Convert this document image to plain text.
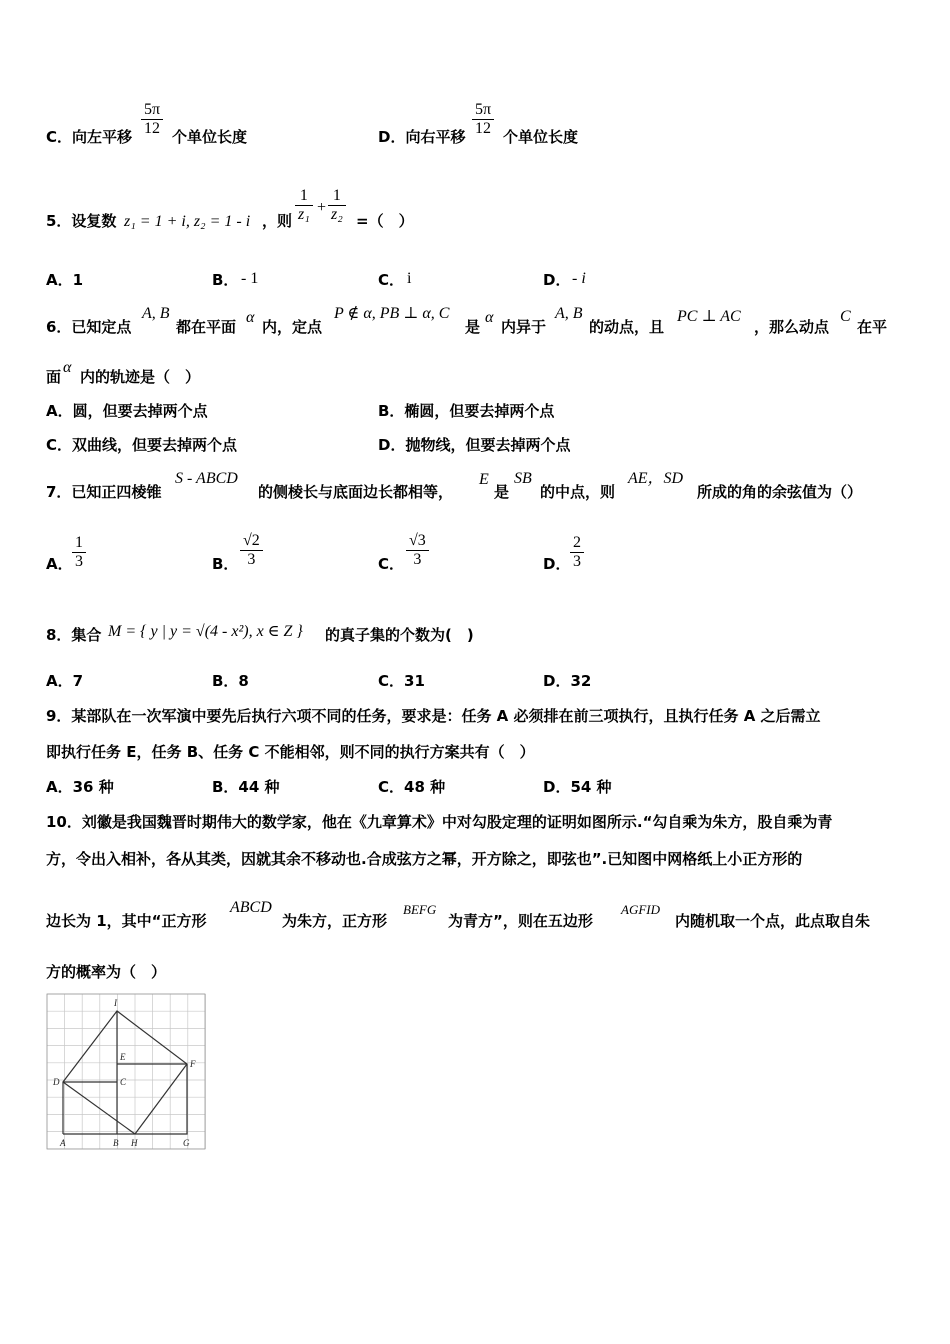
C．向左平移
5π
12 个单位长度	D．向右平移
5π
12 个单位长度
5．设复数 z₁ = 1 + i, z₂ = 1 - i ，则
1
z₁ +
1
z₂ =（　）
A．1	B． - 1	C． i	D． - i
6．已知定点
A, B
都在平面
α
内，定点
P ∉ α, PB ⊥ α, C
是
α
内异于
A, B
的动点，且
PC ⊥ AC
，那么动点
C
在平
面
α
内的轨迹是（　）
A．圆，但要去掉两个点	B．椭圆，但要去掉两个点
C．双曲线，但要去掉两个点	D．抛物线，但要去掉两个点
7．已知正四棱锥
S - ABCD
的侧棱长与底面边长都相等，
E
是
SB
的中点，则
AE，SD
所成的角的余弦值为（）
A．
1
3	B．
√2
3	C．
√3
3	D．
2
3
8．集合 M = { y | y = √(4 - x²), x ∈ Z } 的真子集的个数为(　)
A．7	B．8	C．31	D．32
9．某部队在一次军演中要先后执行六项不同的任务，要求是：任务 A 必须排在前三项执行，且执行任务 A 之后需立
即执行任务 E，任务 B、任务 C 不能相邻，则不同的执行方案共有（　）
A．36 种	B．44 种	C．48 种	D．54 种
10．刘徽是我国魏晋时期伟大的数学家，他在《九章算术》中对勾股定理的证明如图所示.“勾自乘为朱方，股自乘为青
方，令出入相补，各从其类，因就其余不移动也.合成弦方之幂，开方除之，即弦也”.已知图中网格纸上小正方形的
边长为 1，其中“正方形
ABCD
为朱方，正方形
BEFG
为青方”，则在五边形
AGFID
内随机取一个点，此点取自朱
方的概率为（　）
I
E
F
D	C
A	B H	G
